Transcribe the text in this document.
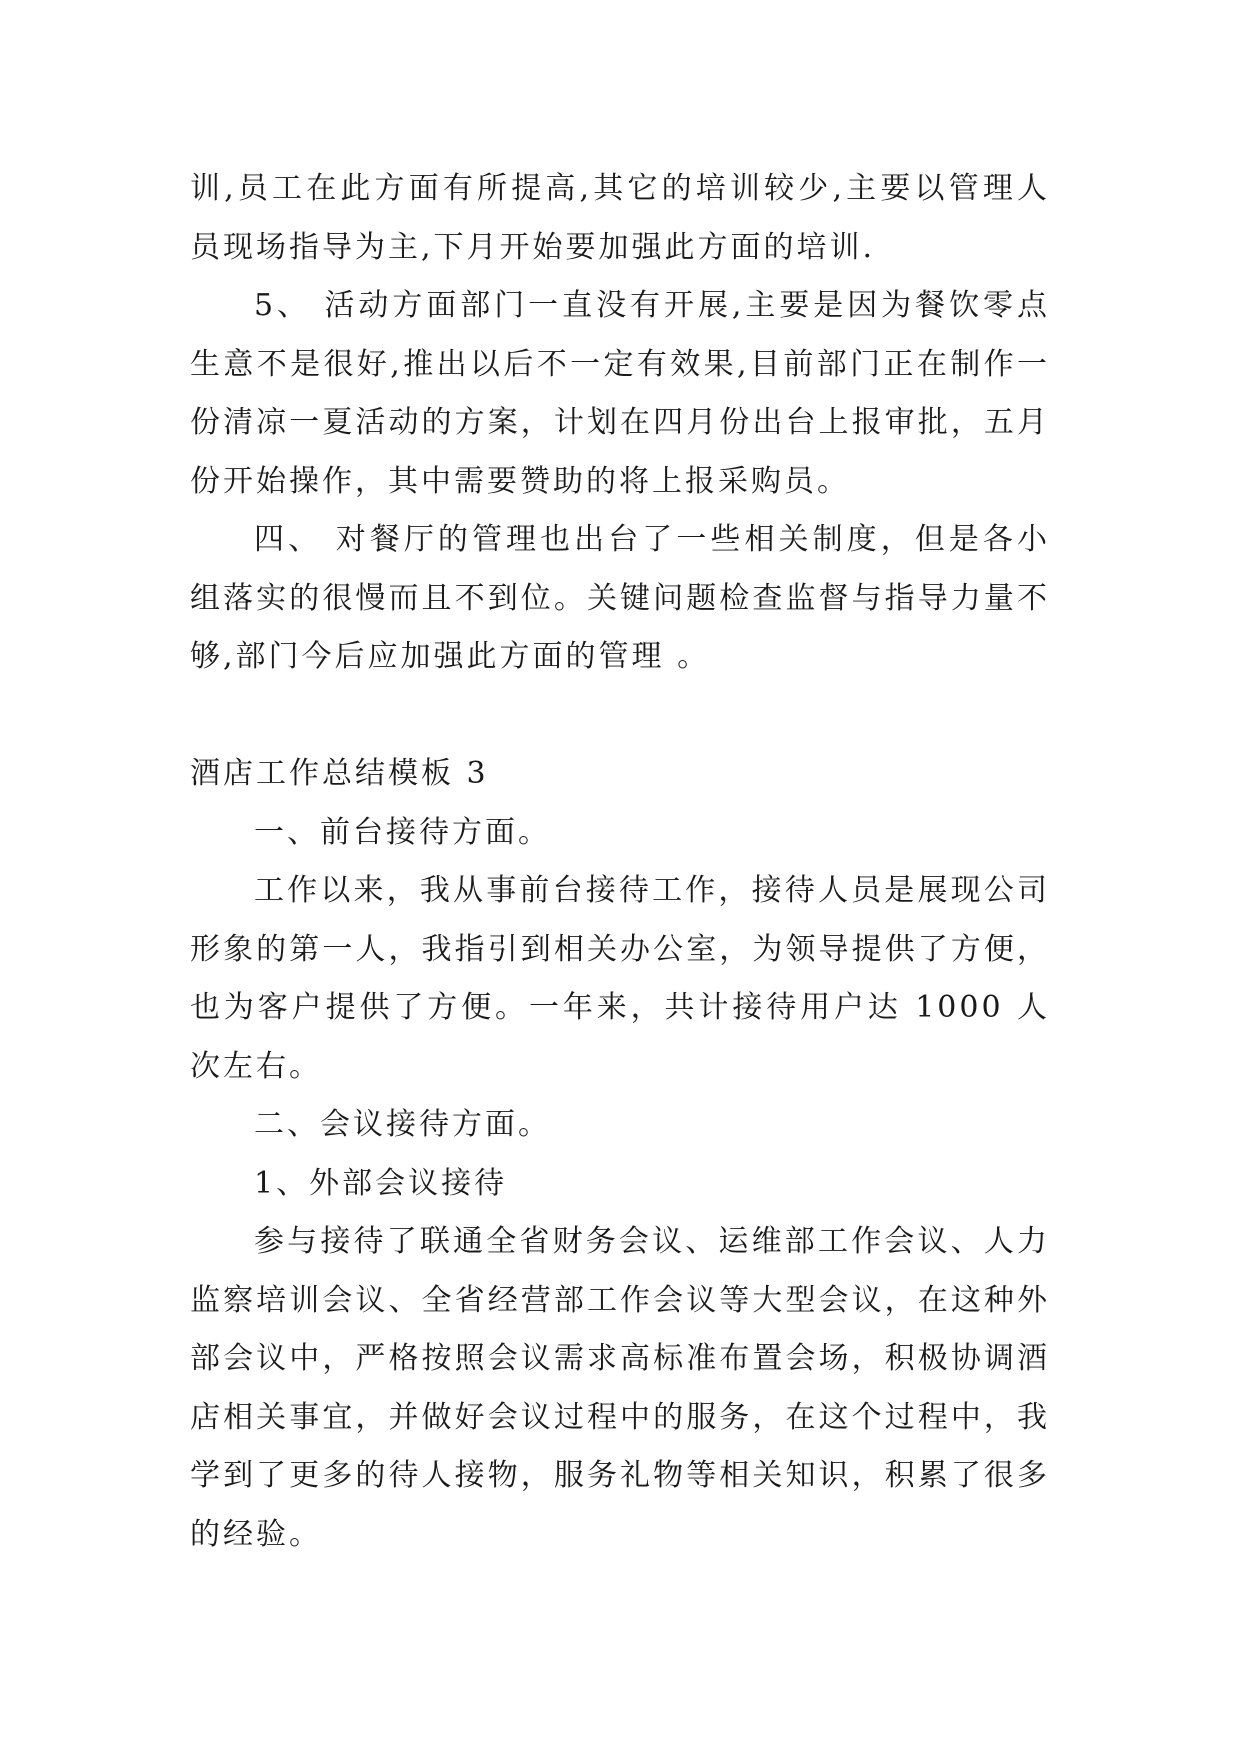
训,员工在此方面有所提高,其它的培训较少,主要以管理人员现场指导为主,下月开始要加强此方面的培训.

5、 活动方面部门一直没有开展,主要是因为餐饮零点生意不是很好,推出以后不一定有效果,目前部门正在制作一份清凉一夏活动的方案，计划在四月份出台上报审批，五月份开始操作，其中需要赞助的将上报采购员。

四、 对餐厅的管理也出台了一些相关制度，但是各小组落实的很慢而且不到位。关键问题检查监督与指导力量不够,部门今后应加强此方面的管理 。

酒店工作总结模板 3

一、前台接待方面。

工作以来，我从事前台接待工作，接待人员是展现公司形象的第一人，我指引到相关办公室，为领导提供了方便，也为客户提供了方便。一年来，共计接待用户达 1000 人次左右。

二、会议接待方面。

1、外部会议接待

参与接待了联通全省财务会议、运维部工作会议、人力监察培训会议、全省经营部工作会议等大型会议，在这种外部会议中，严格按照会议需求高标准布置会场，积极协调酒店相关事宜，并做好会议过程中的服务，在这个过程中，我学到了更多的待人接物，服务礼物等相关知识，积累了很多的经验。
